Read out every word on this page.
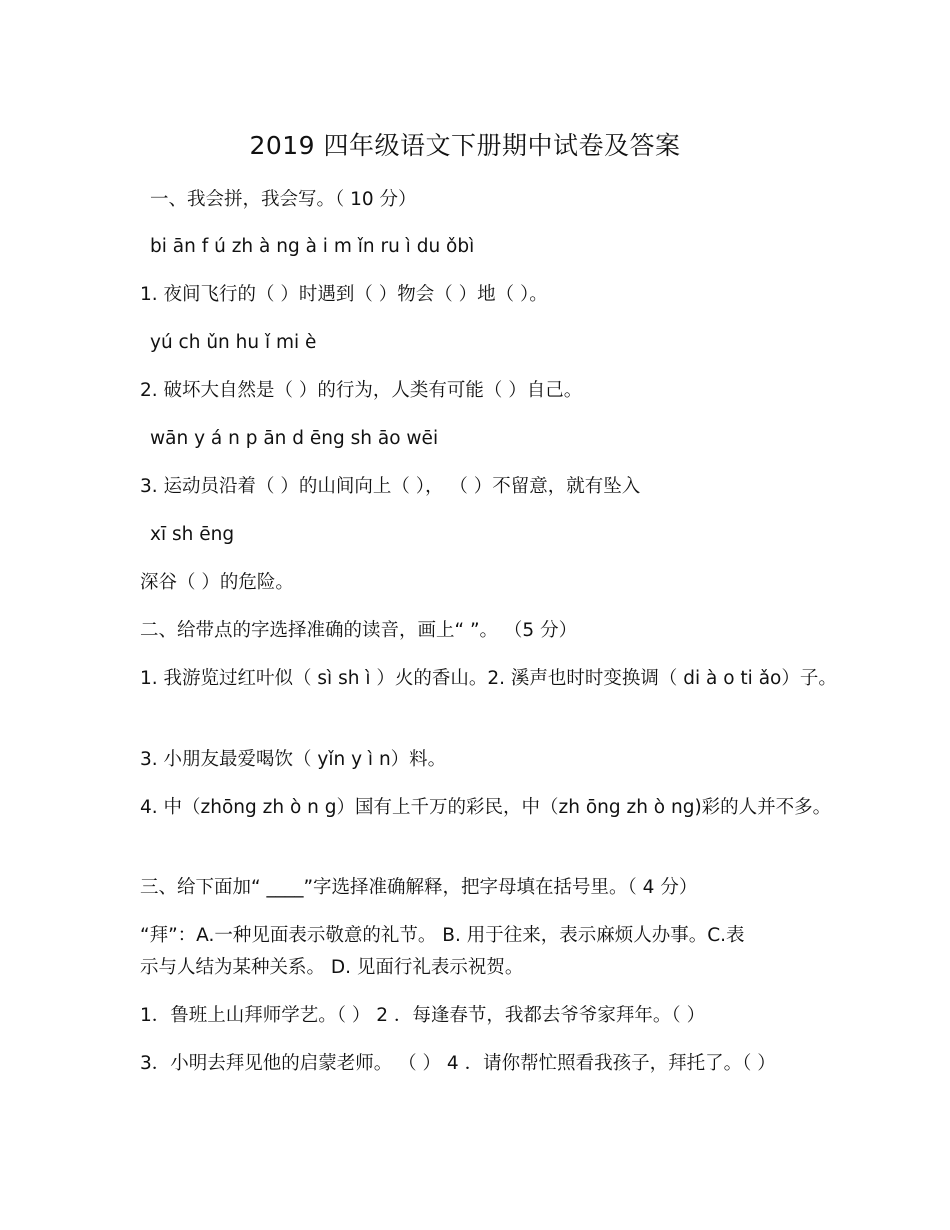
2019 四年级语文下册期中试卷及答案
一、我会拼，我会写。（ 10 分）
bi ān f ú zh à ng à i m ǐn ru ì du ǒbì
1. 夜间飞行的（ ）时遇到（ ）物会（ ）地（ ）。
yú ch ǔn hu ǐ mi è
2. 破坏大自然是（ ）的行为，人类有可能（ ）自己。
wān y á n p ān d ēng sh āo wēi
3. 运动员沿着（ ）的山间向上（ ）， （ ）不留意，就有坠入
xī sh ēng
深谷（ ）的危险。
二、给带点的字选择准确的读音，画上“ ”。 （5 分）
1. 我游览过红叶似（ sì sh ì ）火的香山。2. 溪声也时时变换调（ di à o ti ǎo）子。
3. 小朋友最爱喝饮（ yǐn y ì n）料。
4. 中（zhōng zh ò n g）国有上千万的彩民，中（zh ōng zh ò ng)彩的人并不多。
三、给下面加“ ____”字选择准确解释，把字母填在括号里。（ 4 分）
“拜”：A.一种见面表示敬意的礼节。 B. 用于往来，表示麻烦人办事。C.表示与人结为某种关系。 D. 见面行礼表示祝贺。
1．鲁班上山拜师学艺。（ ） 2 ．每逢春节，我都去爷爷家拜年。（ ）
3．小明去拜见他的启蒙老师。 （ ） 4 ．请你帮忙照看我孩子，拜托了。（ ）
